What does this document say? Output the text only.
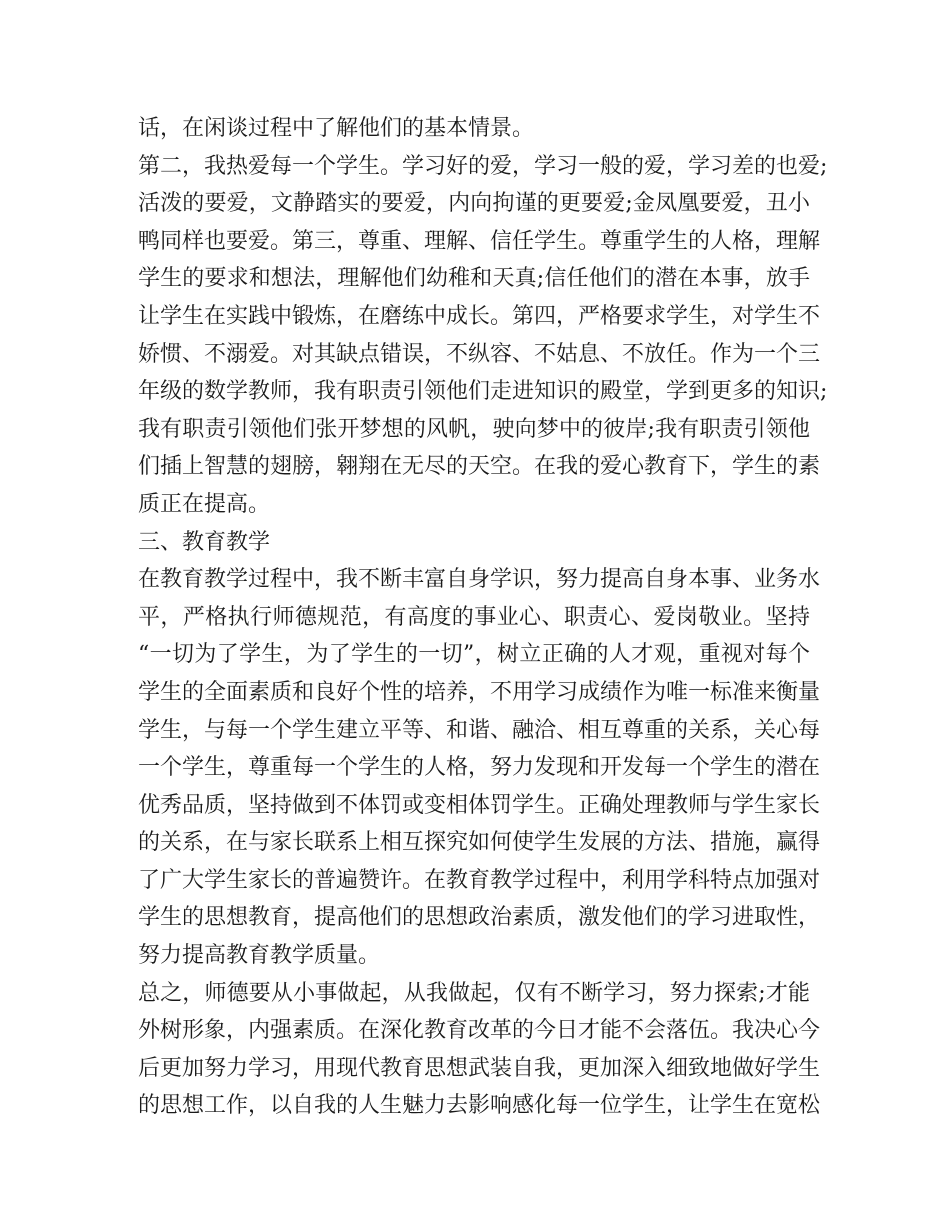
话，在闲谈过程中了解他们的基本情景。
第二，我热爱每一个学生。学习好的爱，学习一般的爱，学习差的也爱;
活泼的要爱，文静踏实的要爱，内向拘谨的更要爱;金凤凰要爱，丑小
鸭同样也要爱。第三，尊重、理解、信任学生。尊重学生的人格，理解
学生的要求和想法，理解他们幼稚和天真;信任他们的潜在本事，放手
让学生在实践中锻炼，在磨练中成长。第四，严格要求学生，对学生不
娇惯、不溺爱。对其缺点错误，不纵容、不姑息、不放任。作为一个三
年级的数学教师，我有职责引领他们走进知识的殿堂，学到更多的知识;
我有职责引领他们张开梦想的风帆，驶向梦中的彼岸;我有职责引领他
们插上智慧的翅膀，翱翔在无尽的天空。在我的爱心教育下，学生的素
质正在提高。
三、教育教学
在教育教学过程中，我不断丰富自身学识，努力提高自身本事、业务水
平，严格执行师德规范，有高度的事业心、职责心、爱岗敬业。坚持
“一切为了学生，为了学生的一切”，树立正确的人才观，重视对每个
学生的全面素质和良好个性的培养，不用学习成绩作为唯一标准来衡量
学生，与每一个学生建立平等、和谐、融洽、相互尊重的关系，关心每
一个学生，尊重每一个学生的人格，努力发现和开发每一个学生的潜在
优秀品质，坚持做到不体罚或变相体罚学生。正确处理教师与学生家长
的关系，在与家长联系上相互探究如何使学生发展的方法、措施，赢得
了广大学生家长的普遍赞许。在教育教学过程中，利用学科特点加强对
学生的思想教育，提高他们的思想政治素质，激发他们的学习进取性，
努力提高教育教学质量。
总之，师德要从小事做起，从我做起，仅有不断学习，努力探索;才能
外树形象，内强素质。在深化教育改革的今日才能不会落伍。我决心今
后更加努力学习，用现代教育思想武装自我，更加深入细致地做好学生
的思想工作，以自我的人生魅力去影响感化每一位学生，让学生在宽松
